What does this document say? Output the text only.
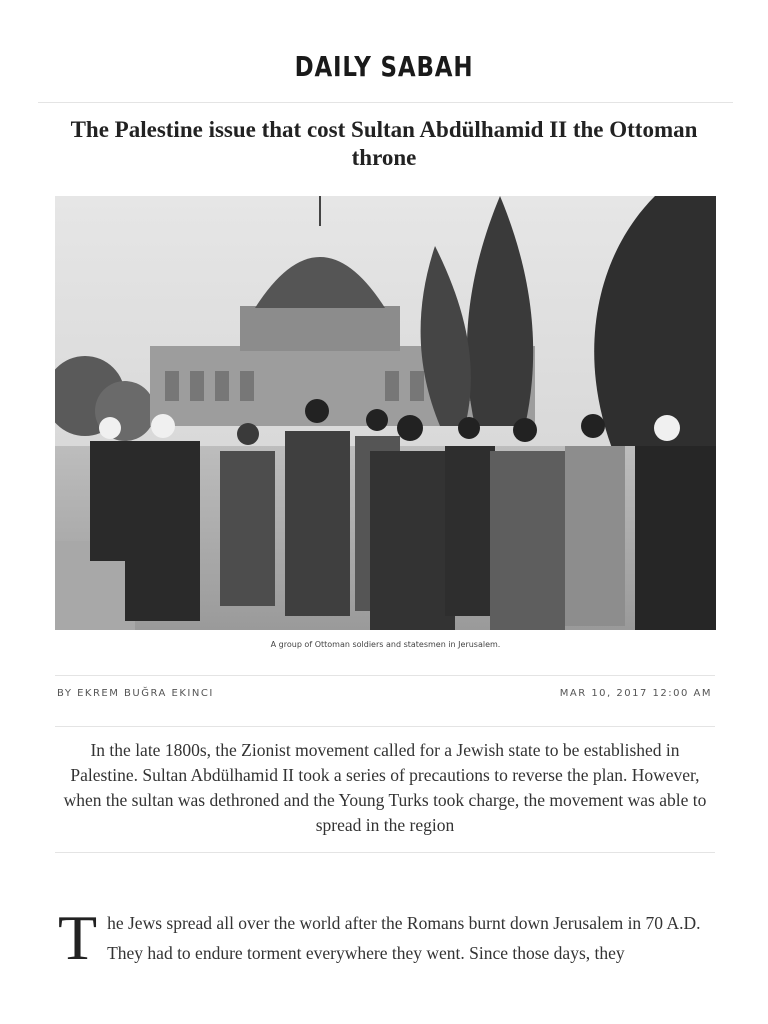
DAILY SABAH
The Palestine issue that cost Sultan Abdülhamid II the Ottoman throne
A group of Ottoman soldiers and statesmen in Jerusalem.
BY EKREM BUĞRA EKINCI	MAR 10, 2017 12:00 AM

In the late 1800s, the Zionist movement called for a Jewish state to be established in Palestine. Sultan Abdülhamid II took a series of precautions to reverse the plan. However, when the sultan was dethroned and the Young Turks took charge, the movement was able to spread in the region

The Jews spread all over the world after the Romans burnt down Jerusalem in 70 A.D. They had to endure torment everywhere they went. Since those days, they
